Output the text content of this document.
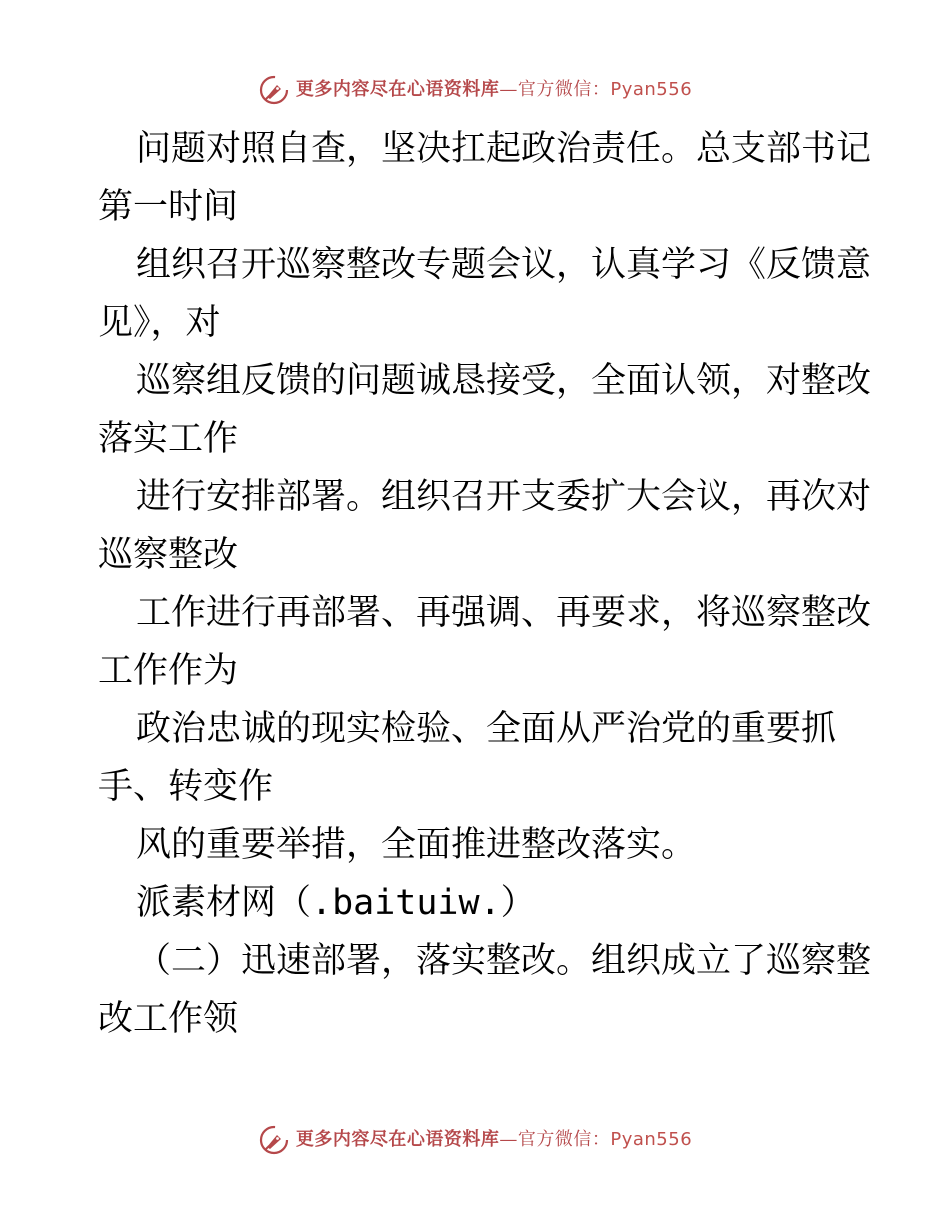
更多内容尽在心语资料库—官方微信：Pyan556
问题对照自查，坚决扛起政治责任。总支部书记
第一时间
组织召开巡察整改专题会议，认真学习《反馈意
见》，对
巡察组反馈的问题诚恳接受，全面认领，对整改
落实工作
进行安排部署。组织召开支委扩大会议，再次对
巡察整改
工作进行再部署、再强调、再要求，将巡察整改
工作作为
政治忠诚的现实检验、全面从严治党的重要抓
手、转变作
风的重要举措，全面推进整改落实。
派素材网（.baituiw.）
（二）迅速部署，落实整改。组织成立了巡察整
改工作领
更多内容尽在心语资料库—官方微信：Pyan556
